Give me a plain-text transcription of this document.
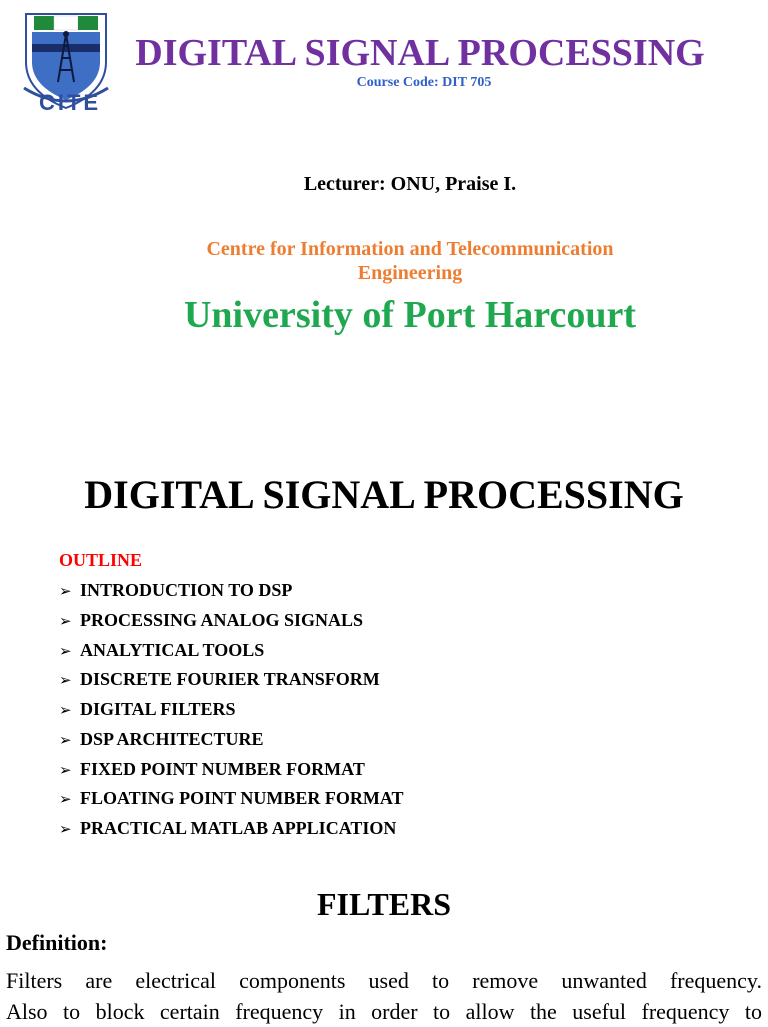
CITE
DIGITAL SIGNAL PROCESSING
Course Code: DIT 705
Lecturer: ONU, Praise I.
Centre for Information and Telecommunication
Engineering
University of Port Harcourt
DIGITAL SIGNAL PROCESSING
OUTLINE
➢ INTRODUCTION TO DSP
➢ PROCESSING ANALOG SIGNALS
➢ ANALYTICAL TOOLS
➢ DISCRETE FOURIER TRANSFORM
➢ DIGITAL FILTERS
➢ DSP ARCHITECTURE
➢ FIXED POINT NUMBER FORMAT
➢ FLOATING POINT NUMBER FORMAT
➢ PRACTICAL MATLAB APPLICATION
FILTERS
Definition:
Filters are electrical components used to remove unwanted frequency.
Also to block certain frequency in order to allow the useful frequency to
